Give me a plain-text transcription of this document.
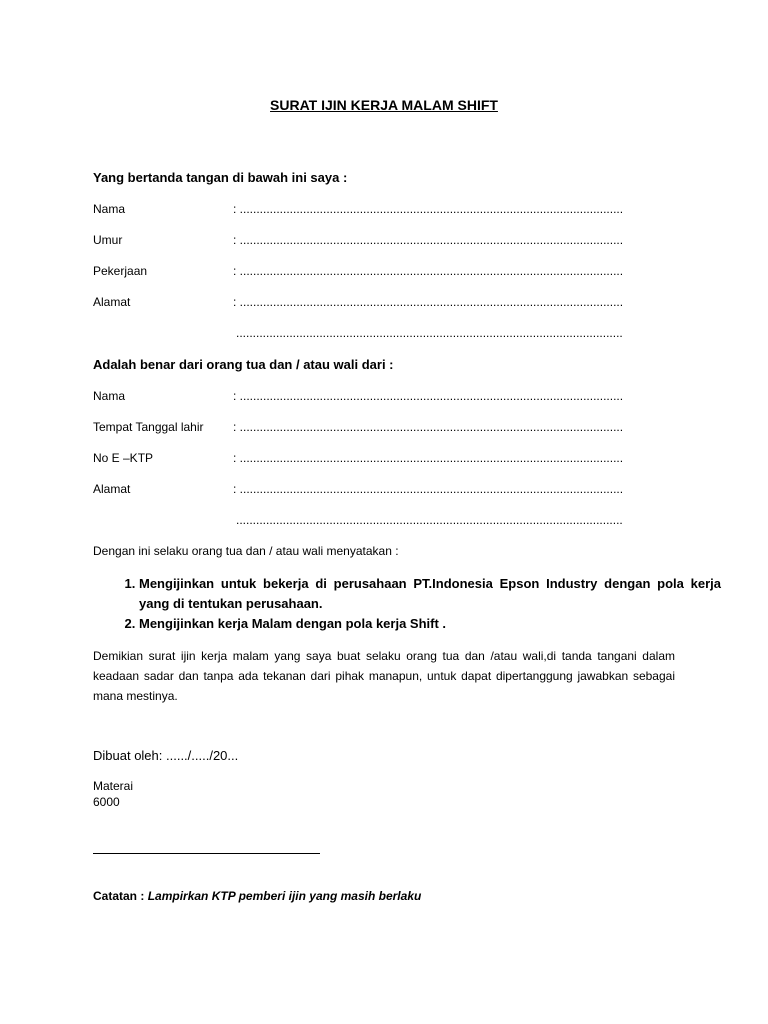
SURAT IJIN KERJA MALAM SHIFT
Yang bertanda tangan di bawah ini saya :
Nama	: ...................................................................................................................
Umur	: ...................................................................................................................
Pekerjaan	: ...................................................................................................................
Alamat	: ...................................................................................................................
....................................................................................................................
Adalah benar dari orang tua dan / atau wali dari :
Nama	: ...................................................................................................................
Tempat Tanggal lahir : ...................................................................................................................
No E –KTP	: ...................................................................................................................
Alamat	: ...................................................................................................................
....................................................................................................................
Dengan ini selaku orang tua dan / atau wali menyatakan :
1. Mengijinkan untuk bekerja di perusahaan PT.Indonesia Epson Industry dengan pola kerja yang di tentukan perusahaan.
2. Mengijinkan kerja Malam dengan pola kerja Shift .
Demikian surat ijin kerja malam yang saya buat selaku orang tua dan /atau wali,di tanda tangani dalam keadaan sadar dan tanpa ada tekanan dari pihak manapun, untuk dapat dipertanggung jawabkan sebagai mana mestinya.
Dibuat oleh: ....../...../20...
Materai
6000
Catatan : Lampirkan KTP pemberi ijin yang masih berlaku
